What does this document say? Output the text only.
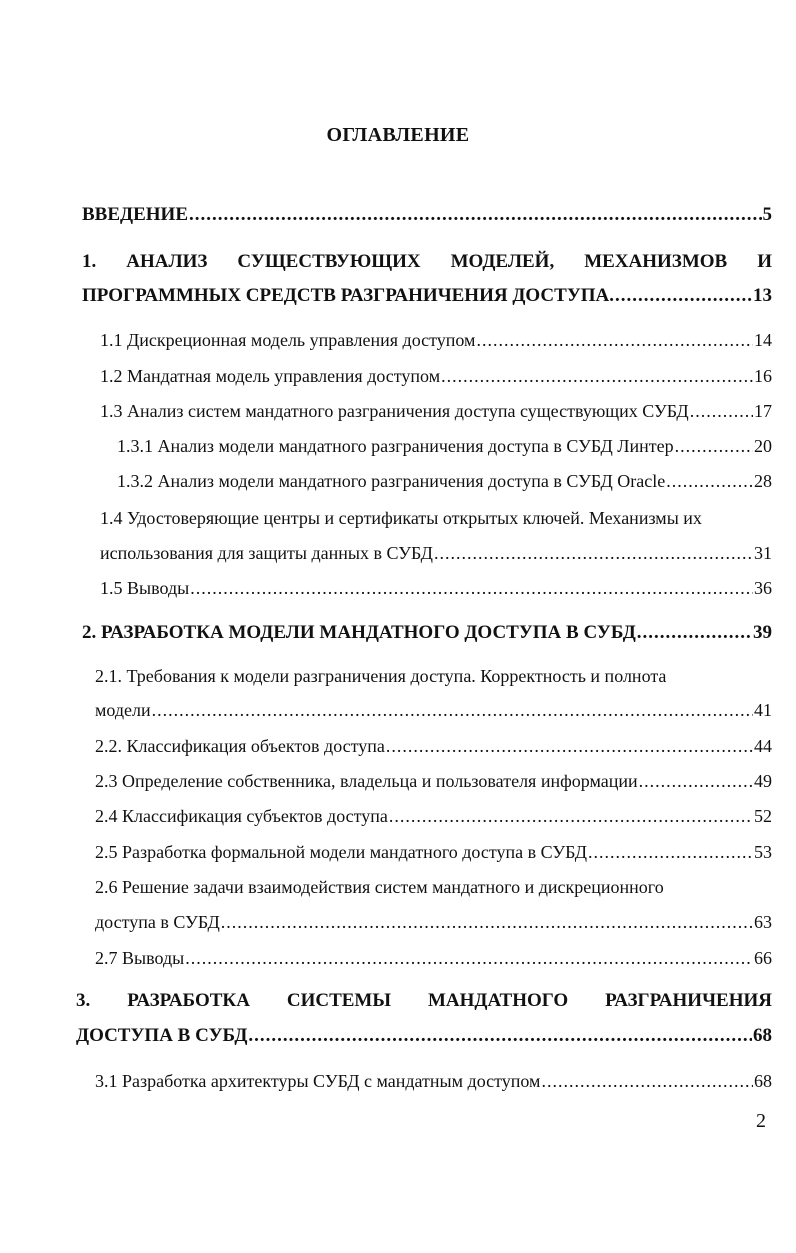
ОГЛАВЛЕНИЕ
ВВЕДЕНИЕ .....	5
1. АНАЛИЗ СУЩЕСТВУЮЩИХ МОДЕЛЕЙ, МЕХАНИЗМОВ И
ПРОГРАММНЫХ СРЕДСТВ РАЗГРАНИЧЕНИЯ ДОСТУПА. .....	13
1.1 Дискреционная модель управления доступом .....	14
1.2 Мандатная модель управления доступом .....	16
1.3 Анализ систем мандатного разграничения доступа существующих СУБД .....	17
1.3.1 Анализ модели мандатного разграничения доступа в СУБД Линтер .....	20
1.3.2 Анализ модели мандатного разграничения доступа в СУБД Oracle .....	28
1.4 Удостоверяющие центры и сертификаты открытых ключей. Механизмы их
использования для защиты данных в СУБД .....	31
1.5 Выводы .....	36
2. РАЗРАБОТКА МОДЕЛИ МАНДАТНОГО ДОСТУПА В СУБД .....	39
2.1. Требования к модели разграничения доступа. Корректность и полнота
модели .....	41
2.2. Классификация объектов доступа .....	44
2.3 Определение собственника, владельца и пользователя информации .....	49
2.4 Классификация субъектов доступа .....	52
2.5 Разработка формальной модели мандатного доступа в СУБД .....	53
2.6 Решение задачи взаимодействия систем мандатного и дискреционного
доступа в СУБД .....	63
2.7 Выводы .....	66
3. РАЗРАБОТКА СИСТЕМЫ МАНДАТНОГО РАЗГРАНИЧЕНИЯ
ДОСТУПА В СУБД .....	68
3.1 Разработка архитектуры СУБД с мандатным доступом .....	68
2
